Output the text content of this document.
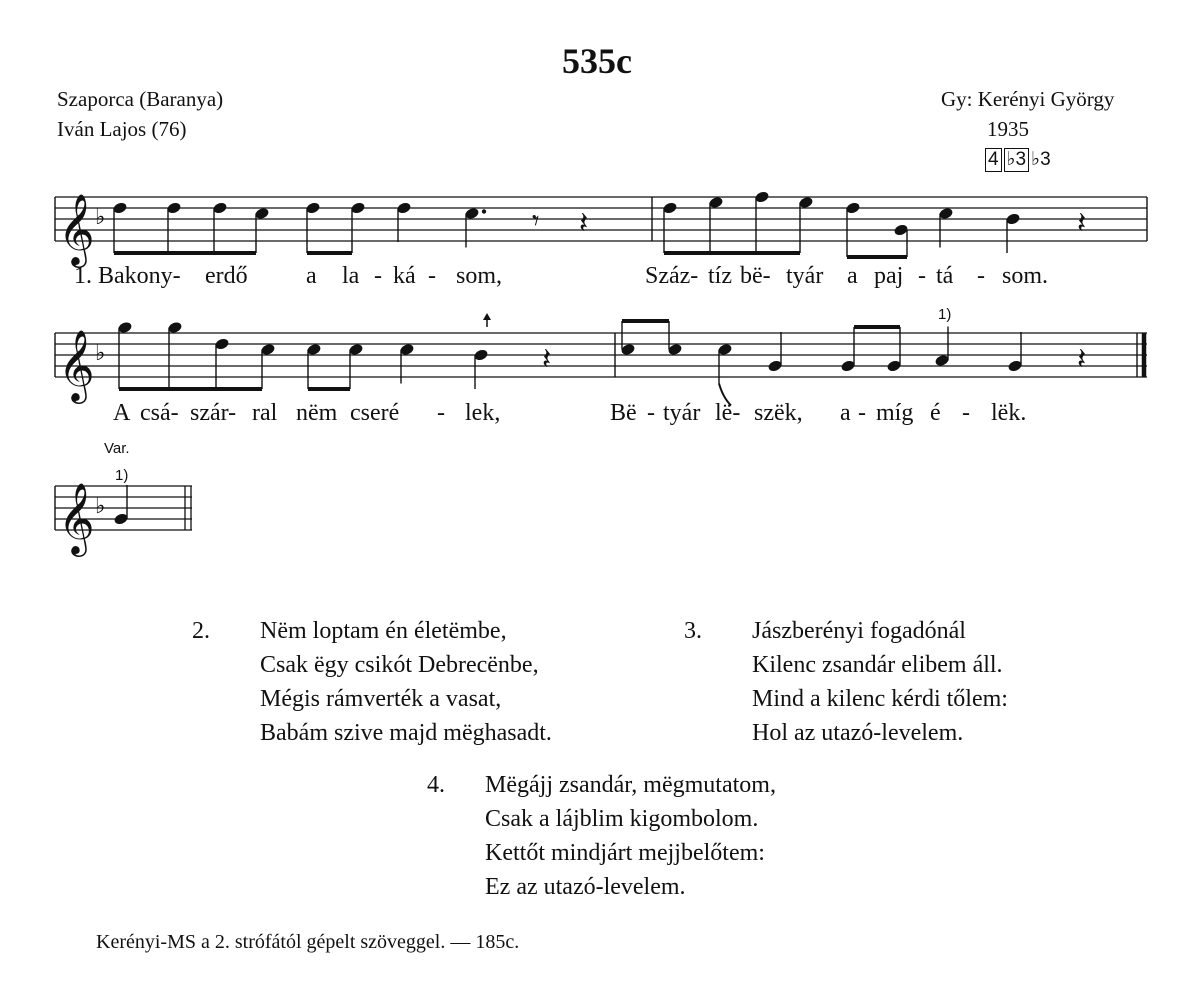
535c
Szaporca (Baranya)
Iván Lajos (76)
Gy: Kerényi György
1935
4 ♭3 ♭3
𝄞 ♭	𝄾 𝄽	𝄽
𝄞 ♭	𝄽	𝄽
𝄞 ♭
1. Bakony- erdő a la - ká - som,	Száz- tíz bë- tyár a paj - tá - som.
A csá- szár- ral nëm cseré - lek,	Bë - tyár lë- szëk, a - míg é - lëk.
1)
Var.
1)
2. Nëm loptam én életëmbe,
Csak ëgy csikót Debrecënbe,
Mégis rámverték a vasat,
Babám szive majd mëghasadt.
3. Jászberényi fogadónál
Kilenc zsandár elibem áll.
Mind a kilenc kérdi tőlem:
Hol az utazó-levelem.
4. Mëgájj zsandár, mëgmutatom,
Csak a lájblim kigombolom.
Kettőt mindjárt mejjbelőtem:
Ez az utazó-levelem.
Kerényi-MS a 2. strófától gépelt szöveggel. — 185c.
